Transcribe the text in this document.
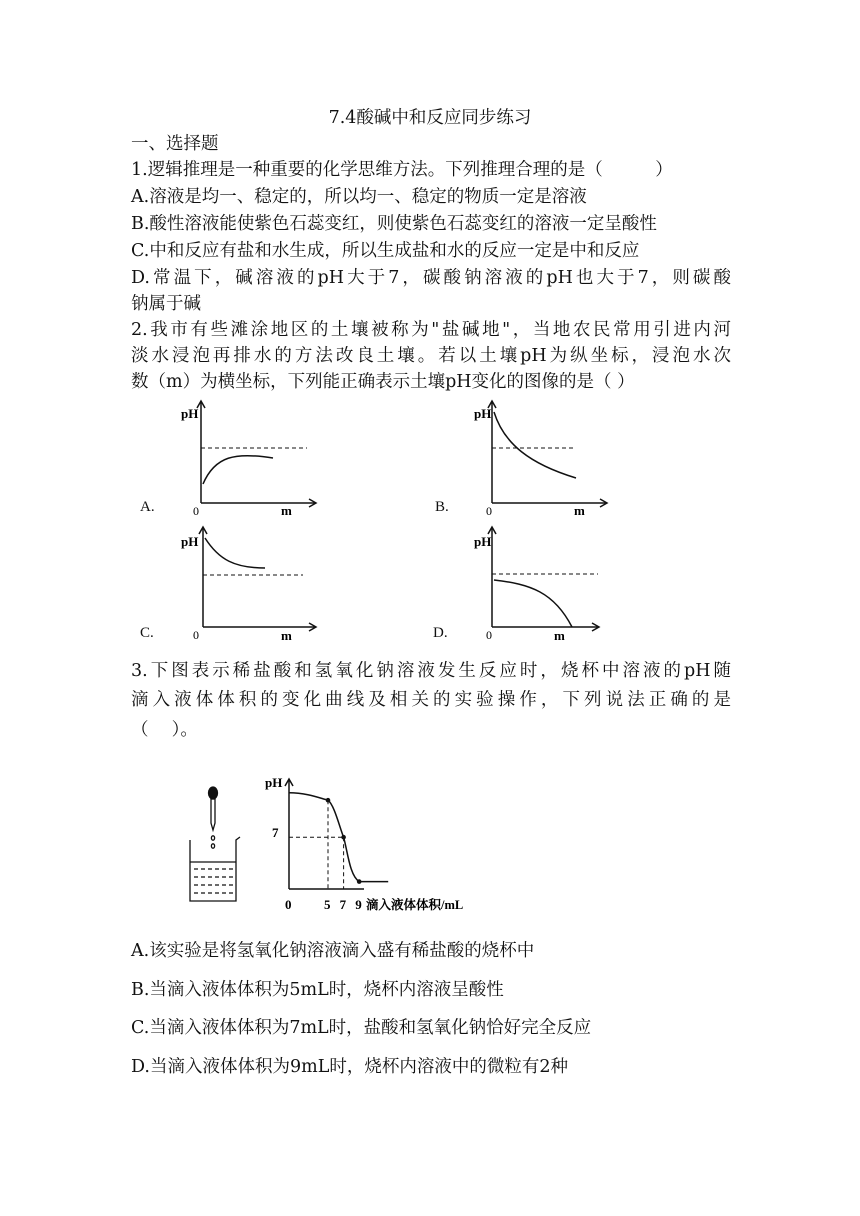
7.4酸碱中和反应同步练习
一、选择题
1.逻辑推理是一种重要的化学思维方法。下列推理合理的是（　　　）
A.溶液是均一、稳定的，所以均一、稳定的物质一定是溶液
B.酸性溶液能使紫色石蕊变红，则使紫色石蕊变红的溶液一定呈酸性
C.中和反应有盐和水生成，所以生成盐和水的反应一定是中和反应
D.常温下，碱溶液的pH大于7，碳酸钠溶液的pH也大于7，则碳酸
钠属于碱
2.我市有些滩涂地区的土壤被称为"盐碱地"，当地农民常用引进内河
淡水浸泡再排水的方法改良土壤。若以土壤pH为纵坐标，浸泡水次
数（m）为横坐标，下列能正确表示土壤pH变化的图像的是（ ）
A.
pH
0	m	B.
pH
0	m
C.
pH
0	m	D.
pH
0	m
3.下图表示稀盐酸和氢氧化钠溶液发生反应时，烧杯中溶液的pH随
滴入液体体积的变化曲线及相关的实验操作，下列说法正确的是
（　 ）。
0	5 7 9
pH
7
滴入液体体积/mL
A.该实验是将氢氧化钠溶液滴入盛有稀盐酸的烧杯中
B.当滴入液体体积为5mL时，烧杯内溶液呈酸性
C.当滴入液体体积为7mL时，盐酸和氢氧化钠恰好完全反应
D.当滴入液体体积为9mL时，烧杯内溶液中的微粒有2种
